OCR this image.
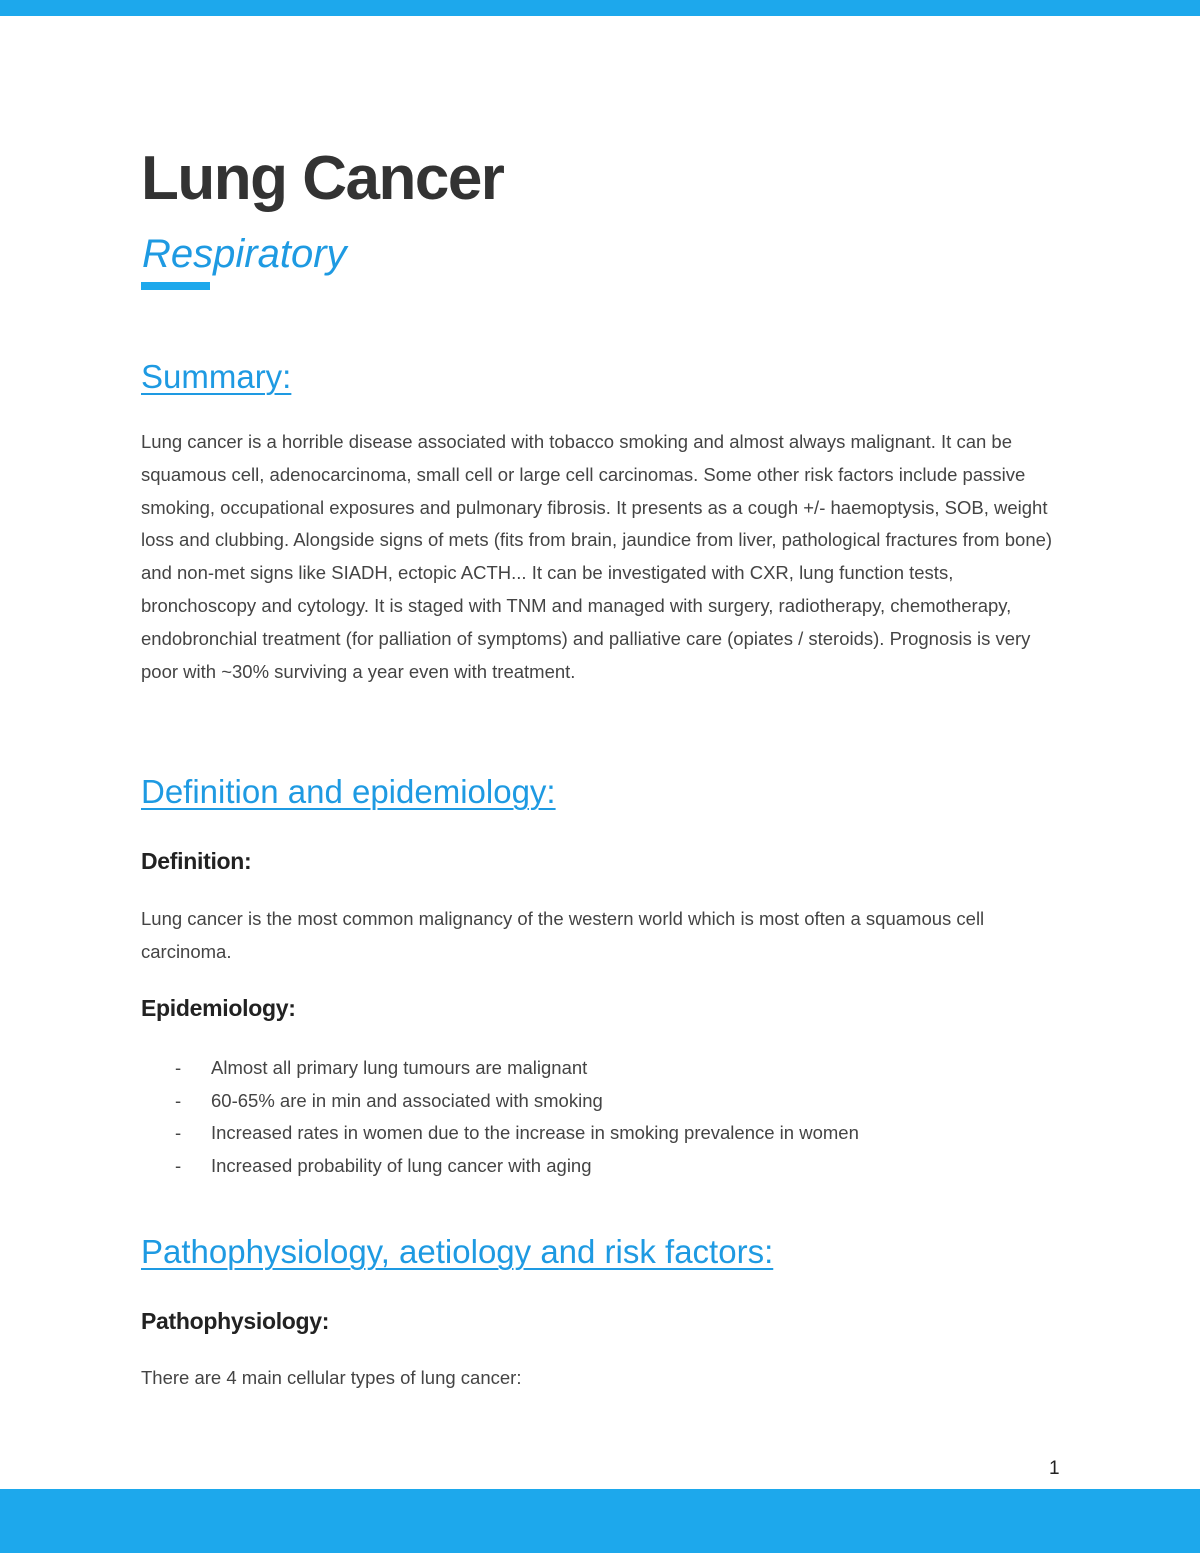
Lung Cancer
Respiratory
Summary:

Lung cancer is a horrible disease associated with tobacco smoking and almost always malignant. It can be squamous cell, adenocarcinoma, small cell or large cell carcinomas. Some other risk factors include passive smoking, occupational exposures and pulmonary fibrosis. It presents as a cough +/- haemoptysis, SOB, weight loss and clubbing. Alongside signs of mets (fits from brain, jaundice from liver, pathological fractures from bone) and non-met signs like SIADH, ectopic ACTH... It can be investigated with CXR, lung function tests, bronchoscopy and cytology. It is staged with TNM and managed with surgery, radiotherapy, chemotherapy, endobronchial treatment (for palliation of symptoms) and palliative care (opiates / steroids). Prognosis is very poor with ~30% surviving a year even with treatment.

Definition and epidemiology:
Definition:

Lung cancer is the most common malignancy of the western world which is most often a squamous cell carcinoma.

Epidemiology:
- Almost all primary lung tumours are malignant
- 60-65% are in min and associated with smoking
- Increased rates in women due to the increase in smoking prevalence in women
- Increased probability of lung cancer with aging
Pathophysiology, aetiology and risk factors:
Pathophysiology:

There are 4 main cellular types of lung cancer:

1
